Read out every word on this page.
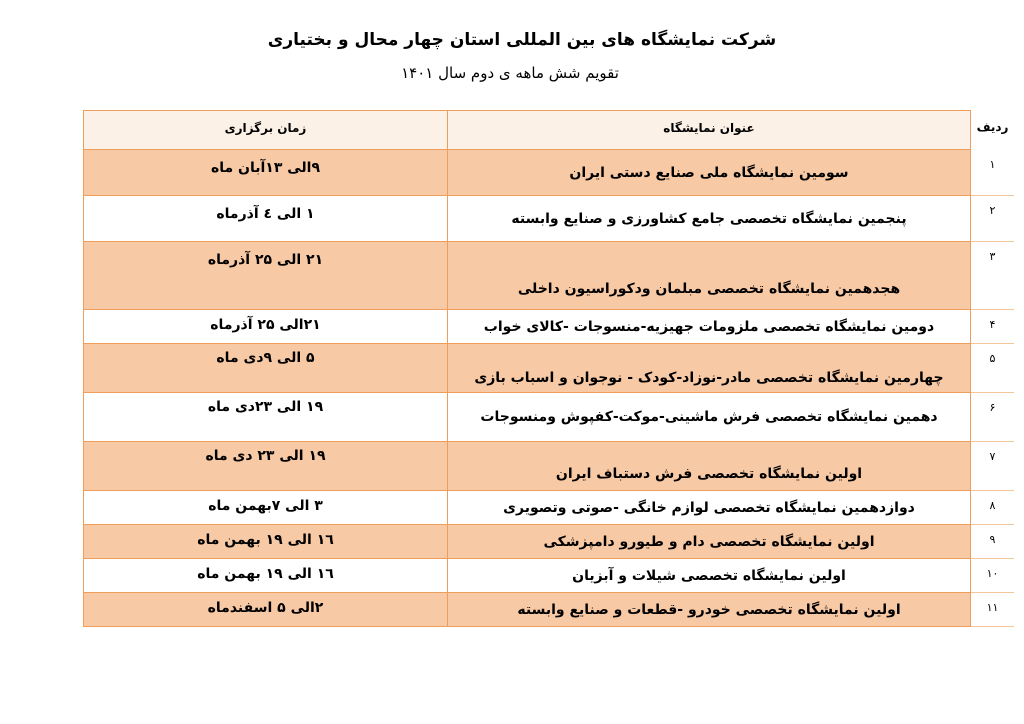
شرکت نمایشگاه های بین المللی استان چهار محال و بختیاری
تقویم شش ماهه ی دوم سال ۱۴۰۱
ردیف
عنوان نمایشگاه
زمان برگزاری
۱
سومین نمایشگاه ملی صنایع دستی ایران
۹الی ۱۳آبان ماه
۲
پنجمین نمایشگاه تخصصی جامع کشاورزی و صنایع وابسته
۱ الی ٤ آذرماه
۳
هجدهمین نمایشگاه تخصصی مبلمان ودکوراسیون داخلی
۲۱ الی ۲۵ آذرماه
۴
دومین نمایشگاه تخصصی ملزومات جهیزیه-منسوجات -کالای خواب
۲۱الی ۲۵ آذرماه
۵
چهارمین نمایشگاه تخصصی مادر-نوزاد-کودک - نوجوان و اسباب بازی
۵ الی ۹دی ماه
۶
دهمین نمایشگاه تخصصی فرش ماشینی-موکت-کفپوش ومنسوجات
۱۹ الی ۲۳دی ماه
۷
اولین نمایشگاه تخصصی فرش دستباف ایران
۱۹ الی ۲۳ دی ماه
۸
دوازدهمین نمایشگاه تخصصی لوازم خانگی -صوتی وتصویری
۳ الی ۷بهمن ماه
۹
اولین نمایشگاه تخصصی دام و طیورو دامپزشکی
۱٦ الی ۱۹ بهمن ماه
۱۰
اولین نمایشگاه تخصصی شیلات و آبزیان
۱٦ الی ۱۹ بهمن ماه
۱۱
اولین نمایشگاه تخصصی خودرو -قطعات و صنایع وابسته
۲الی ۵ اسفندماه
